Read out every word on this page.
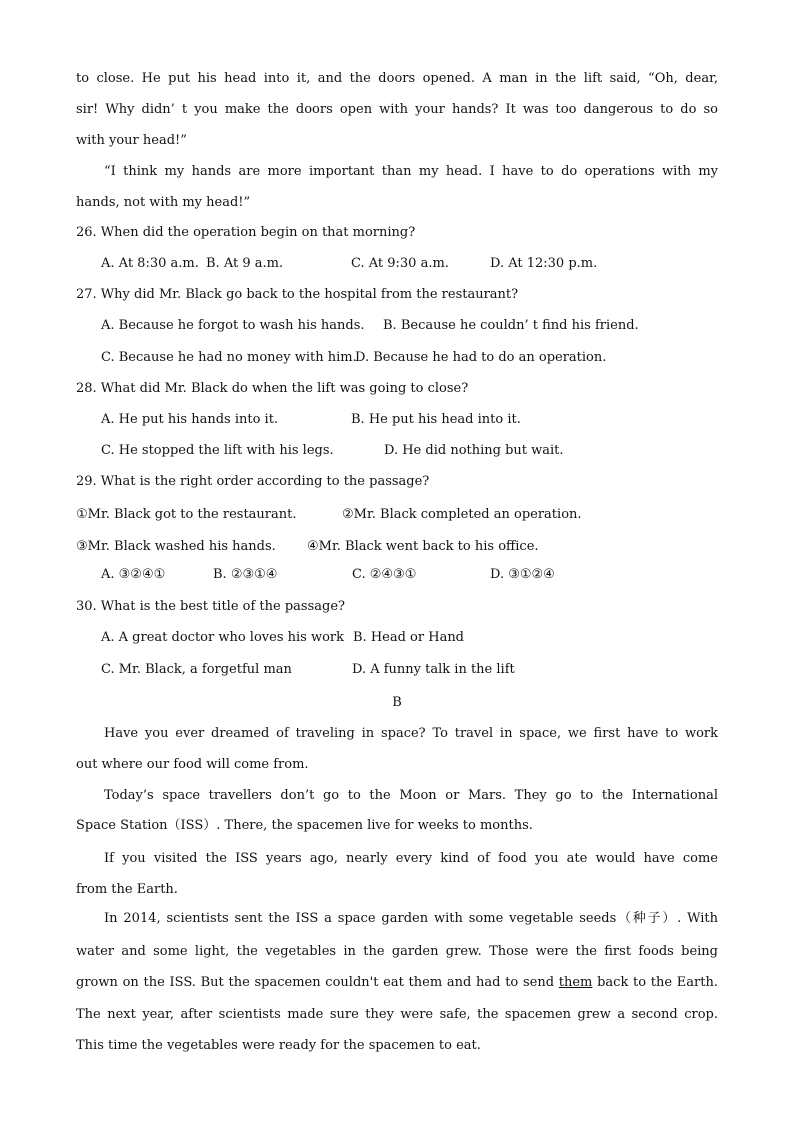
to close. He put his head into it, and the doors opened. A man in the lift said, “Oh, dear,
sir! Why didn’ t you make the doors open with your hands? It was too dangerous to do so
with your head!”
“I think my hands are more important than my head. I have to do operations with my
hands, not with my head!”
26. When did the operation begin on that morning?
A. At 8:30 a.m. B. At 9 a.m.	C. At 9:30 a.m.	D. At 12:30 p.m.
27. Why did Mr. Black go back to the hospital from the restaurant?
A. Because he forgot to wash his hands. B. Because he couldn’ t find his friend.
C. Because he had no money with him.
D. Because he had to do an operation.
28. What did Mr. Black do when the lift was going to close?
A. He put his hands into it.	B. He put his head into it.
C. He stopped the lift with his legs.	D. He did nothing but wait.
29. What is the right order according to the passage?
①Mr. Black got to the restaurant.	②Mr. Black completed an operation.
③Mr. Black washed his hands. ④Mr. Black went back to his office.
A. ③②④①	B. ②③①④	C. ②④③①	D. ③①②④
30. What is the best title of the passage?
A. A great doctor who loves his work B. Head or Hand
C. Mr. Black, a forgetful man	D. A funny talk in the lift
B
Have you ever dreamed of traveling in space? To travel in space, we first have to work
out where our food will come from.
Today’s space travellers don’t go to the Moon or Mars. They go to the International
Space Station（ISS）. There, the spacemen live for weeks to months.
If you visited the ISS years ago, nearly every kind of food you ate would have come
from the Earth.
In 2014, scientists sent the ISS a space garden with some vegetable seeds（种子）. With
water and some light, the vegetables in the garden grew. Those were the first foods being
grown on the ISS. But the spacemen couldn't eat them and had to send them back to the Earth.
The next year, after scientists made sure they were safe, the spacemen grew a second crop.
This time the vegetables were ready for the spacemen to eat.
